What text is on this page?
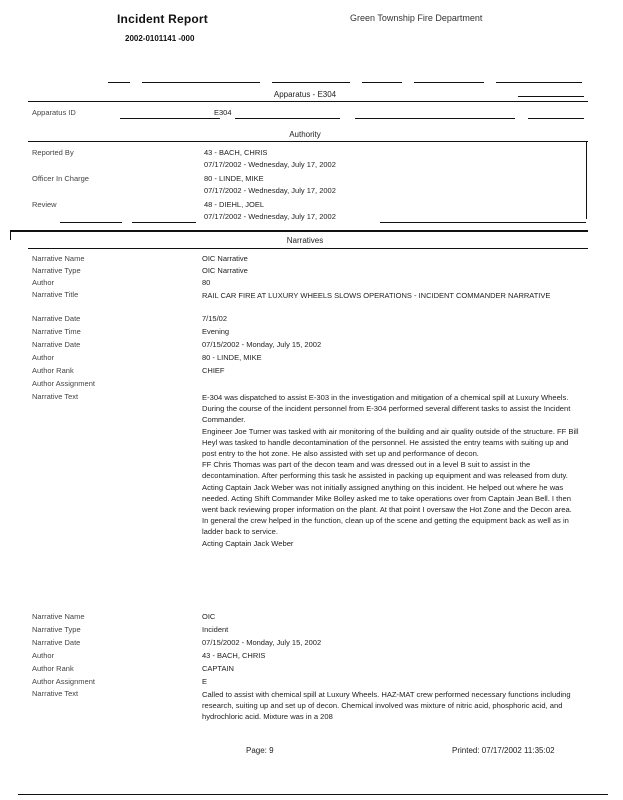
Incident Report	Green Township Fire Department
2002-0101141 -000
Apparatus - E304
Apparatus ID	E304
Authority
Reported By	43 - BACH, CHRIS
07/17/2002 - Wednesday, July 17, 2002
Officer In Charge	80 - LINDE, MIKE
07/17/2002 - Wednesday, July 17, 2002
Review	48 - DIEHL, JOEL
07/17/2002 - Wednesday, July 17, 2002
Narratives
Narrative Name	OIC Narrative
Narrative Type	OIC Narrative
Author	80
Narrative Title	RAIL CAR FIRE AT LUXURY WHEELS SLOWS OPERATIONS - INCIDENT COMMANDER NARRATIVE
Narrative Date	7/15/02
Narrative Time	Evening
Narrative Date	07/15/2002 - Monday, July 15, 2002
Author	80 - LINDE, MIKE
Author Rank	CHIEF
Author Assignment
Narrative Text	E-304 was dispatched to assist E-303 in the investigation and mitigation of a chemical spill at Luxury Wheels. During the course of the incident personnel from E-304 performed several different tasks to assist the Incident Commander.

Engineer Joe Turner was tasked with air monitoring of the building and air quality outside of the structure. FF Bill Heyl was tasked to handle decontamination of the personnel. He assisted the entry teams with suiting up and post entry to the hot zone. He also assisted with set up and performance of decon.

FF Chris Thomas was part of the decon team and was dressed out in a level B suit to assist in the decontamination. After performing this task he assisted in packing up equipment and was released from duty.

Acting Captain Jack Weber was not initially assigned anything on this incident. He helped out where he was needed. Acting Shift Commander Mike Bolley asked me to take operations over from Captain Jean Bell. I then went back reviewing proper information on the plant. At that point I oversaw the Hot Zone and the Decon area.

In general the crew helped in the function, clean up of the scene and getting the equipment back as well as in ladder back to service.

Acting Captain Jack Weber

Narrative Name	OIC
Narrative Type	Incident
Narrative Date	07/15/2002 - Monday, July 15, 2002
Author	43 - BACH, CHRIS
Author Rank	CAPTAIN
Author Assignment	E
Narrative Text	Called to assist with chemical spill at Luxury Wheels. HAZ-MAT crew performed necessary functions including research, suiting up and set up of decon. Chemical involved was mixture of nitric acid, phosphoric acid, and hydrochloric acid. Mixture was in a 208

Page: 9	Printed: 07/17/2002 11:35:02
